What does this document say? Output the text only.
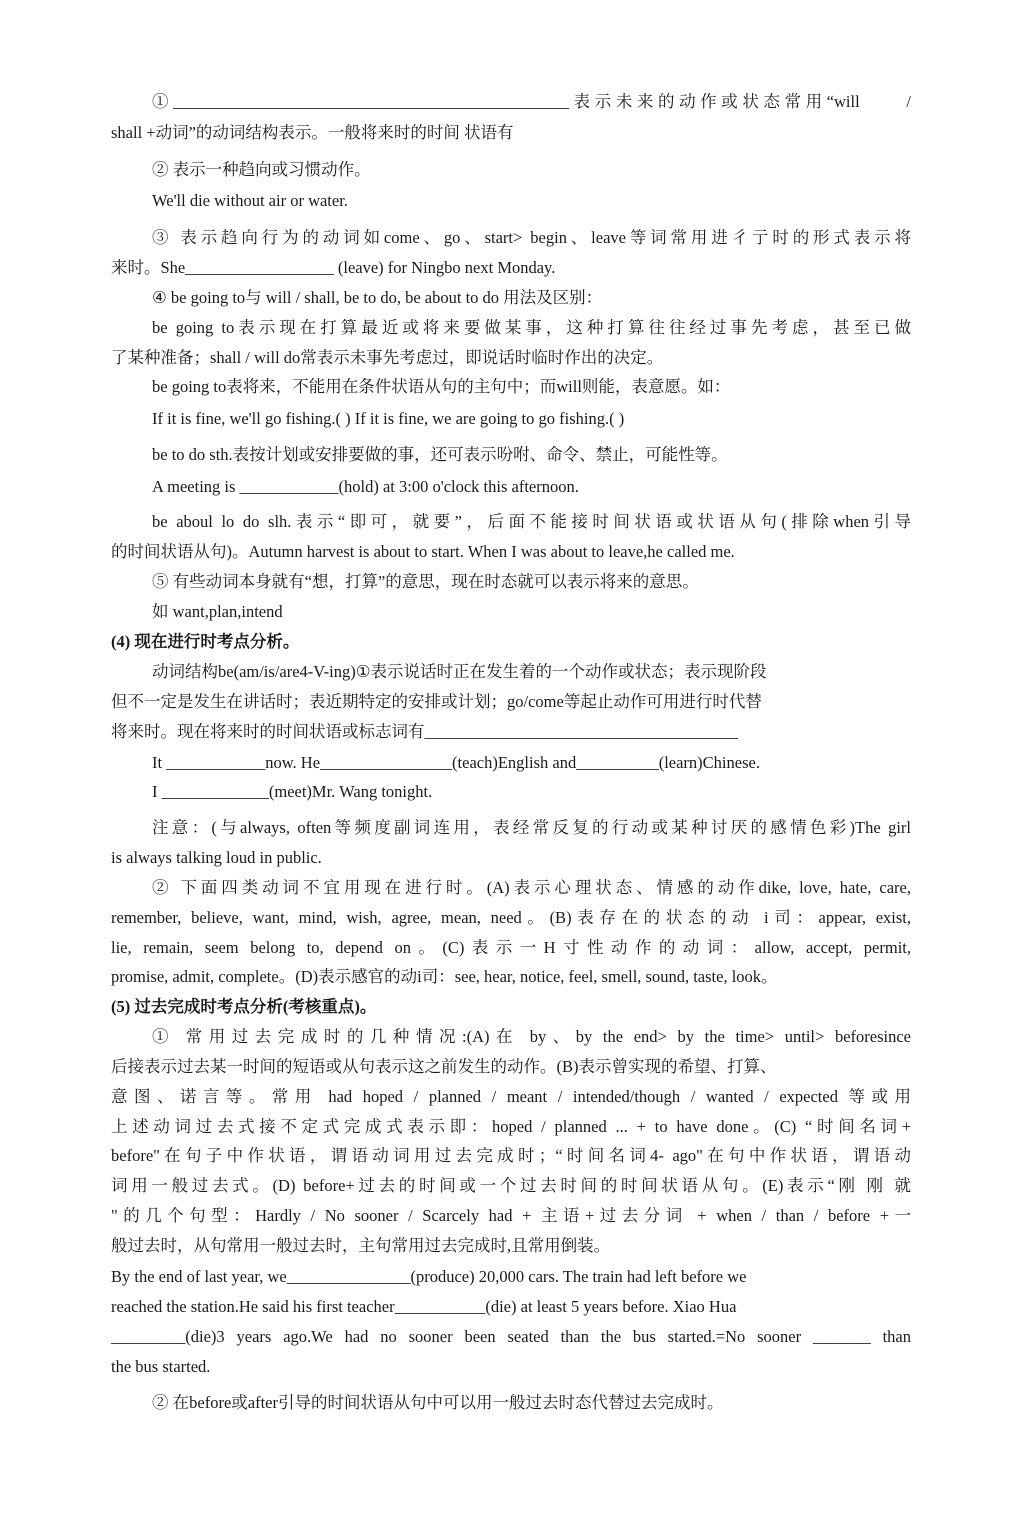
①________________________________________________表示未来的动作或状态常用“will　　/
shall +动词”的动词结构表示。一般将来时的时间 状语有
② 表示一种趋向或习惯动作。
We'll die without air or water.
③ 表示趋向行为的动词如come、go、start> begin、leave等词常用进彳亍时的形式表示将
来时。She__________________ (leave) for Ningbo next Monday.
④ be going to与 will / shall, be to do, be about to do 用法及区别：
be going to表示现在打算最近或将来要做某事，这种打算往往经过事先考虑，甚至已做
了某种准备；shall / will do常表示未事先考虑过，即说话时临时作出的决定。
be going to表将来，不能用在条件状语从句的主句中；而will则能，表意愿。如：
If it is fine, we'll go fishing.( ) If it is fine, we are going to go fishing.( )
be to do sth.表按计划或安排要做的事，还可表示吩咐、命令、禁止，可能性等。
A meeting is ____________(hold) at 3:00 o'clock this afternoon.
be aboul lo do slh.表示“即可，就要”，后面不能接时间状语或状语从句(排除when引导
的时间状语从句)。Autumn harvest is about to start. When I was about to leave,he called me.
⑤ 有些动词本身就有“想，打算”的意思，现在时态就可以表示将来的意思。
如 want,plan,intend
(4) 现在进行时考点分析。
动词结构be(am/is/are4-V-ing)①表示说话时正在发生着的一个动作或状态；表示现阶段
但不一定是发生在讲话时；表近期特定的安排或计划；go/come等起止动作可用进行时代替
将来时。现在将来时的时间状语或标志词有______________________________________
It ____________now. He________________(teach)English and__________(learn)Chinese.
I _____________(meet)Mr. Wang tonight.
注意：(与always, often等频度副词连用，表经常反复的行动或某种讨厌的感情色彩)The girl
is always talking loud in public.
② 下面四类动词不宜用现在进行时。(A)表示心理状态、情感的动作dike, love, hate, care,
remember, believe, want, mind, wish, agree, mean, need。(B)表存在的状态的动 i司：appear, exist,
lie, remain, seem belong to, depend on。(C)表示一H寸性动作的动词：allow, accept, permit,
promise, admit, complete。(D)表示感官的动i司：see, hear, notice, feel, smell, sound, taste, look。
(5) 过去完成时考点分析(考核重点)。
① 常用过去完成时的几种情况:(A)在 by、by the end> by the time> until> beforesince
后接表示过去某一时间的短语或从句表示这之前发生的动作。(B)表示曾实现的希望、打算、
意图、诺言等。常用 had hoped / planned / meant / intended/though / wanted / expected 等或用
上述动词过去式接不定式完成式表示即：hoped / planned ... + to have done。(C) “时间名词+
before"在句子中作状语，谓语动词用过去完成时；“时间名词4- ago"在句中作状语，谓语动
词用一般过去式。(D) before+过去的时间或一个过去时间的时间状语从句。(E)表示“刚 刚 就
"的几个句型：Hardly / No sooner / Scarcely had + 主语+过去分词 + when / than / before +一
般过去时，从句常用一般过去时，主句常用过去完成时,且常用倒装。
By the end of last year, we_______________(produce) 20,000 cars. The train had left before we
reached the station.He said his first teacher___________(die) at least 5 years before. Xiao Hua
_________(die)3 years ago.We had no sooner been seated than the bus started.=No sooner _______ than
the bus started.
② 在before或after引导的时间状语从句中可以用一般过去时态代替过去完成时。
